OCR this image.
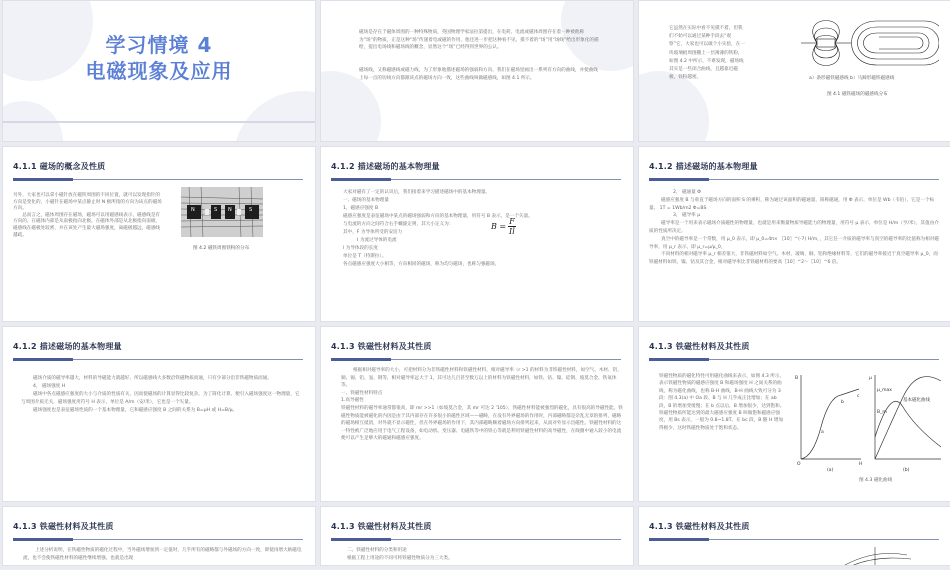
学习情境 4
电磁现象及应用
磁场是存在于磁体周围的一种特殊物质，英国物理学家法拉第提出，在电荷、电流或磁体周围存在着一种被他称为“场”的物质，正是这种“场”传递着电或磁的作用，他还进一步把这种看不见、摸不着的“场”用“场线”给出形象化的描绘，提出电场线和磁场线的概念，显然这个“场”已经得到世界的公认。
磁场线，又称磁感线或磁力线，为了形象地描述磁场的强弱和方向，我们在磁场里画出一系列有方向的曲线，并使曲线上每一点的切线方向都跟该点的磁场方向一致，这些曲线叫做磁感线，如图 4.1 所示。
它虽然在实际中看不见摸不着，但我们不妨可以通过某种手段去“观察”它，大家也可以做个小实验，在一块玻璃板周围撒上一层薄薄的铁粉，如图 4.2 中所示，不难发现，磁场线其实是一些闭合曲线，且越靠近磁极，铁粉越密。	a）条形磁铁磁感线 b）马蹄形磁铁磁感线
图 4.1 磁铁磁场的磁感线分布
4.1.1 磁场的概念及性质
另外，大家也可以拿小磁针放在磁铁周围的不同位置，就可以发现指针的方向是变化的，小磁针在磁场中某点静止时 N 极所指的方向为该点的磁场方向。
　　总而言之，磁体周围存在磁场，磁场可以用磁感线表示，磁感线是有方向的，在磁体内部是从南极指向北极，在磁体外部是从北极指向南极，磁感线在磁极处较密，并在该处产生最大磁场强度，离磁极越远，磁感线越疏。
N	S N	S
图 4.2 磁铁周围铁粉的分布
4.1.2 描述磁场的基本物理量
大家对磁有了一定的认识后，我们接着来学习描述磁场中的基本物理量。
一、磁场的基本物理量
1，磁感应强度 B
磁感应强度是表征磁场中某点的磁场强弱和方向的基本物理量，用符号 B 表示，是一个矢量。
与电流的方向之间符合右手螺旋定则，其大小定义为：
其中，F 为导体所受的安培力
I 为流过导体的电流
l 为导体段的长度
单位是 T（特斯拉）。
各点磁感应强度大小相等，方向相同的磁场，称为均匀磁场，也称匀强磁场。
$B = \frac{F}{Il}$
4.1.2 描述磁场的基本物理量
2， 磁通量 Φ
磁感应强度 B 与垂直于磁场方向的面积 S 的乘积，称为通过该面积的磁通量，简称磁通，用 Φ 表示，单位是 Wb（韦伯），它是一个标量。 1T = 1Wb/m2 Φ=BS
3， 磁导率 μ
磁导率是一个用来表示磁场介质磁性的物理量，也就是用来衡量物质导磁能力的物理量，用符号 μ 表示，单位是 H/m（亨/米），其值由介质的性质所决定。
真空中的磁导率是一个常数，用 μ_0 表示，即 μ_0=4π× 〖10〗^(-7) H/m，，其它任一介质的磁导率与真空的磁导率的比值称为相对磁导率，用 μ_r 表示，即 μ_r=μ/μ_0，
不同材料的相对磁导率 μ_r 相差很大，非铁磁材料如空气、木材、玻璃、铜、铝和绝缘材料等，它们的磁导率接近于真空磁导率 μ_0，而铁磁材料如铁、镍、钴及其合金，相对磁导率比非铁磁材料的要高〖10〗^2～〖10〗^6 倍。
4.1.2 描述磁场的基本物理量
磁场介质的磁导率越大，材料的导磁能力就越好，所以磁感线大多数沿铁磁物质而通，只有少部分沿非铁磁物质而通。
4， 磁场强度 H
磁场中各点磁感应强度的大小与介质的性质有关，因而使磁场的计算显得比较复杂。为了简化计算，便引入磁场强度这一物理量，它与周围介质无关，磁场强度用符号 H 表示，单位是 A/m（安/米），它也是一个矢量。
磁场强度也是表征磁场性质的一个基本物理量，它和磁感应强度 B 之间的关系为 B=μH 或 H=B/μ。
4.1.3 铁磁性材料及其性质
根据相对磁导率的大小，可把材料分为非铁磁性材料和铁磁性材料，相对磁导率（r >1 的材料为非铁磁性材料，如空气、木材、铝、铜、锡、铅、氢、钢等，相对磁导率远大于 1，其可达几百甚至数万以上的材料为铁磁性材料，如铁、钴、镍、硅钢、坡莫合金、铁氧体等。
一、铁磁性材料特点
1.高导磁性
铁磁性材料的磁导率通常都很高，即 mr >>1（如坡莫合金，其 mr 可达 2 ’105），铁磁性材料能被强烈的磁化，具有很高的导磁性能。铁磁性物质能被磁化的内因是由于其内部存在许多很小的磁性区域——磁畴，在没有外界磁场的作用时，内部磁畴都是杂乱无章的排列，磁畴的磁场相互抵消，对外就不显示磁性，但在外界磁场的作用下，其内部磁畴顺着磁场方向排列起来，从而对外显示出磁性。铁磁性材料的这一特性被广泛地应用于电气工程设备，如电动机、变压器、电磁铁等中的铁心等就是利用铁磁性材料的高导磁性，在线圈中通入较小的电流便可以产生足够大的磁通和磁感应强度。
4.1.3 铁磁性材料及其性质
铁磁性物质的磁化特性可用磁化曲线来表示，如图 4.3 所示，表示铁磁性物质的磁感应强度 B 和磁场强度 H 之间关系的曲线，称为磁化曲线，也称 B-H 曲线，B-H 曲线大致可分为 3 段：图 4.3(a) 中 Oa 段、B 与 H 几乎成正比增加；在 ab 段，B 的增加变缓慢；在 b 点以后，B 增加很少，达到饱和。铁磁性物质所能达到的最大磁感应强度 B 叫做饱和磁感应强度，用 Bs 表示，一般为 0.8~1.8T。在 bc 段，B 随 H 增加得极少，这时铁磁性物质处于饱和状态。
B	μ
μ_max
B_m
H
O
a
b
c
(a)	(b)
基本磁化曲线
图 4.3 磁化曲线
4.1.3 铁磁性材料及其性质
上述分析说明，在铁磁性物质的磁化过程中，当外磁场增加到一定值时，几乎所有的磁畴都与外磁场的方向一致，即使再增大励磁电流，也不会使铁磁性材料的磁性继续增强，也就是出现
4.1.3 铁磁性材料及其性质
二、铁磁性材料的分类和用途
根据工程上用途的不同可将铁磁性物质分为三大类。
4.1.3 铁磁性材料及其性质
